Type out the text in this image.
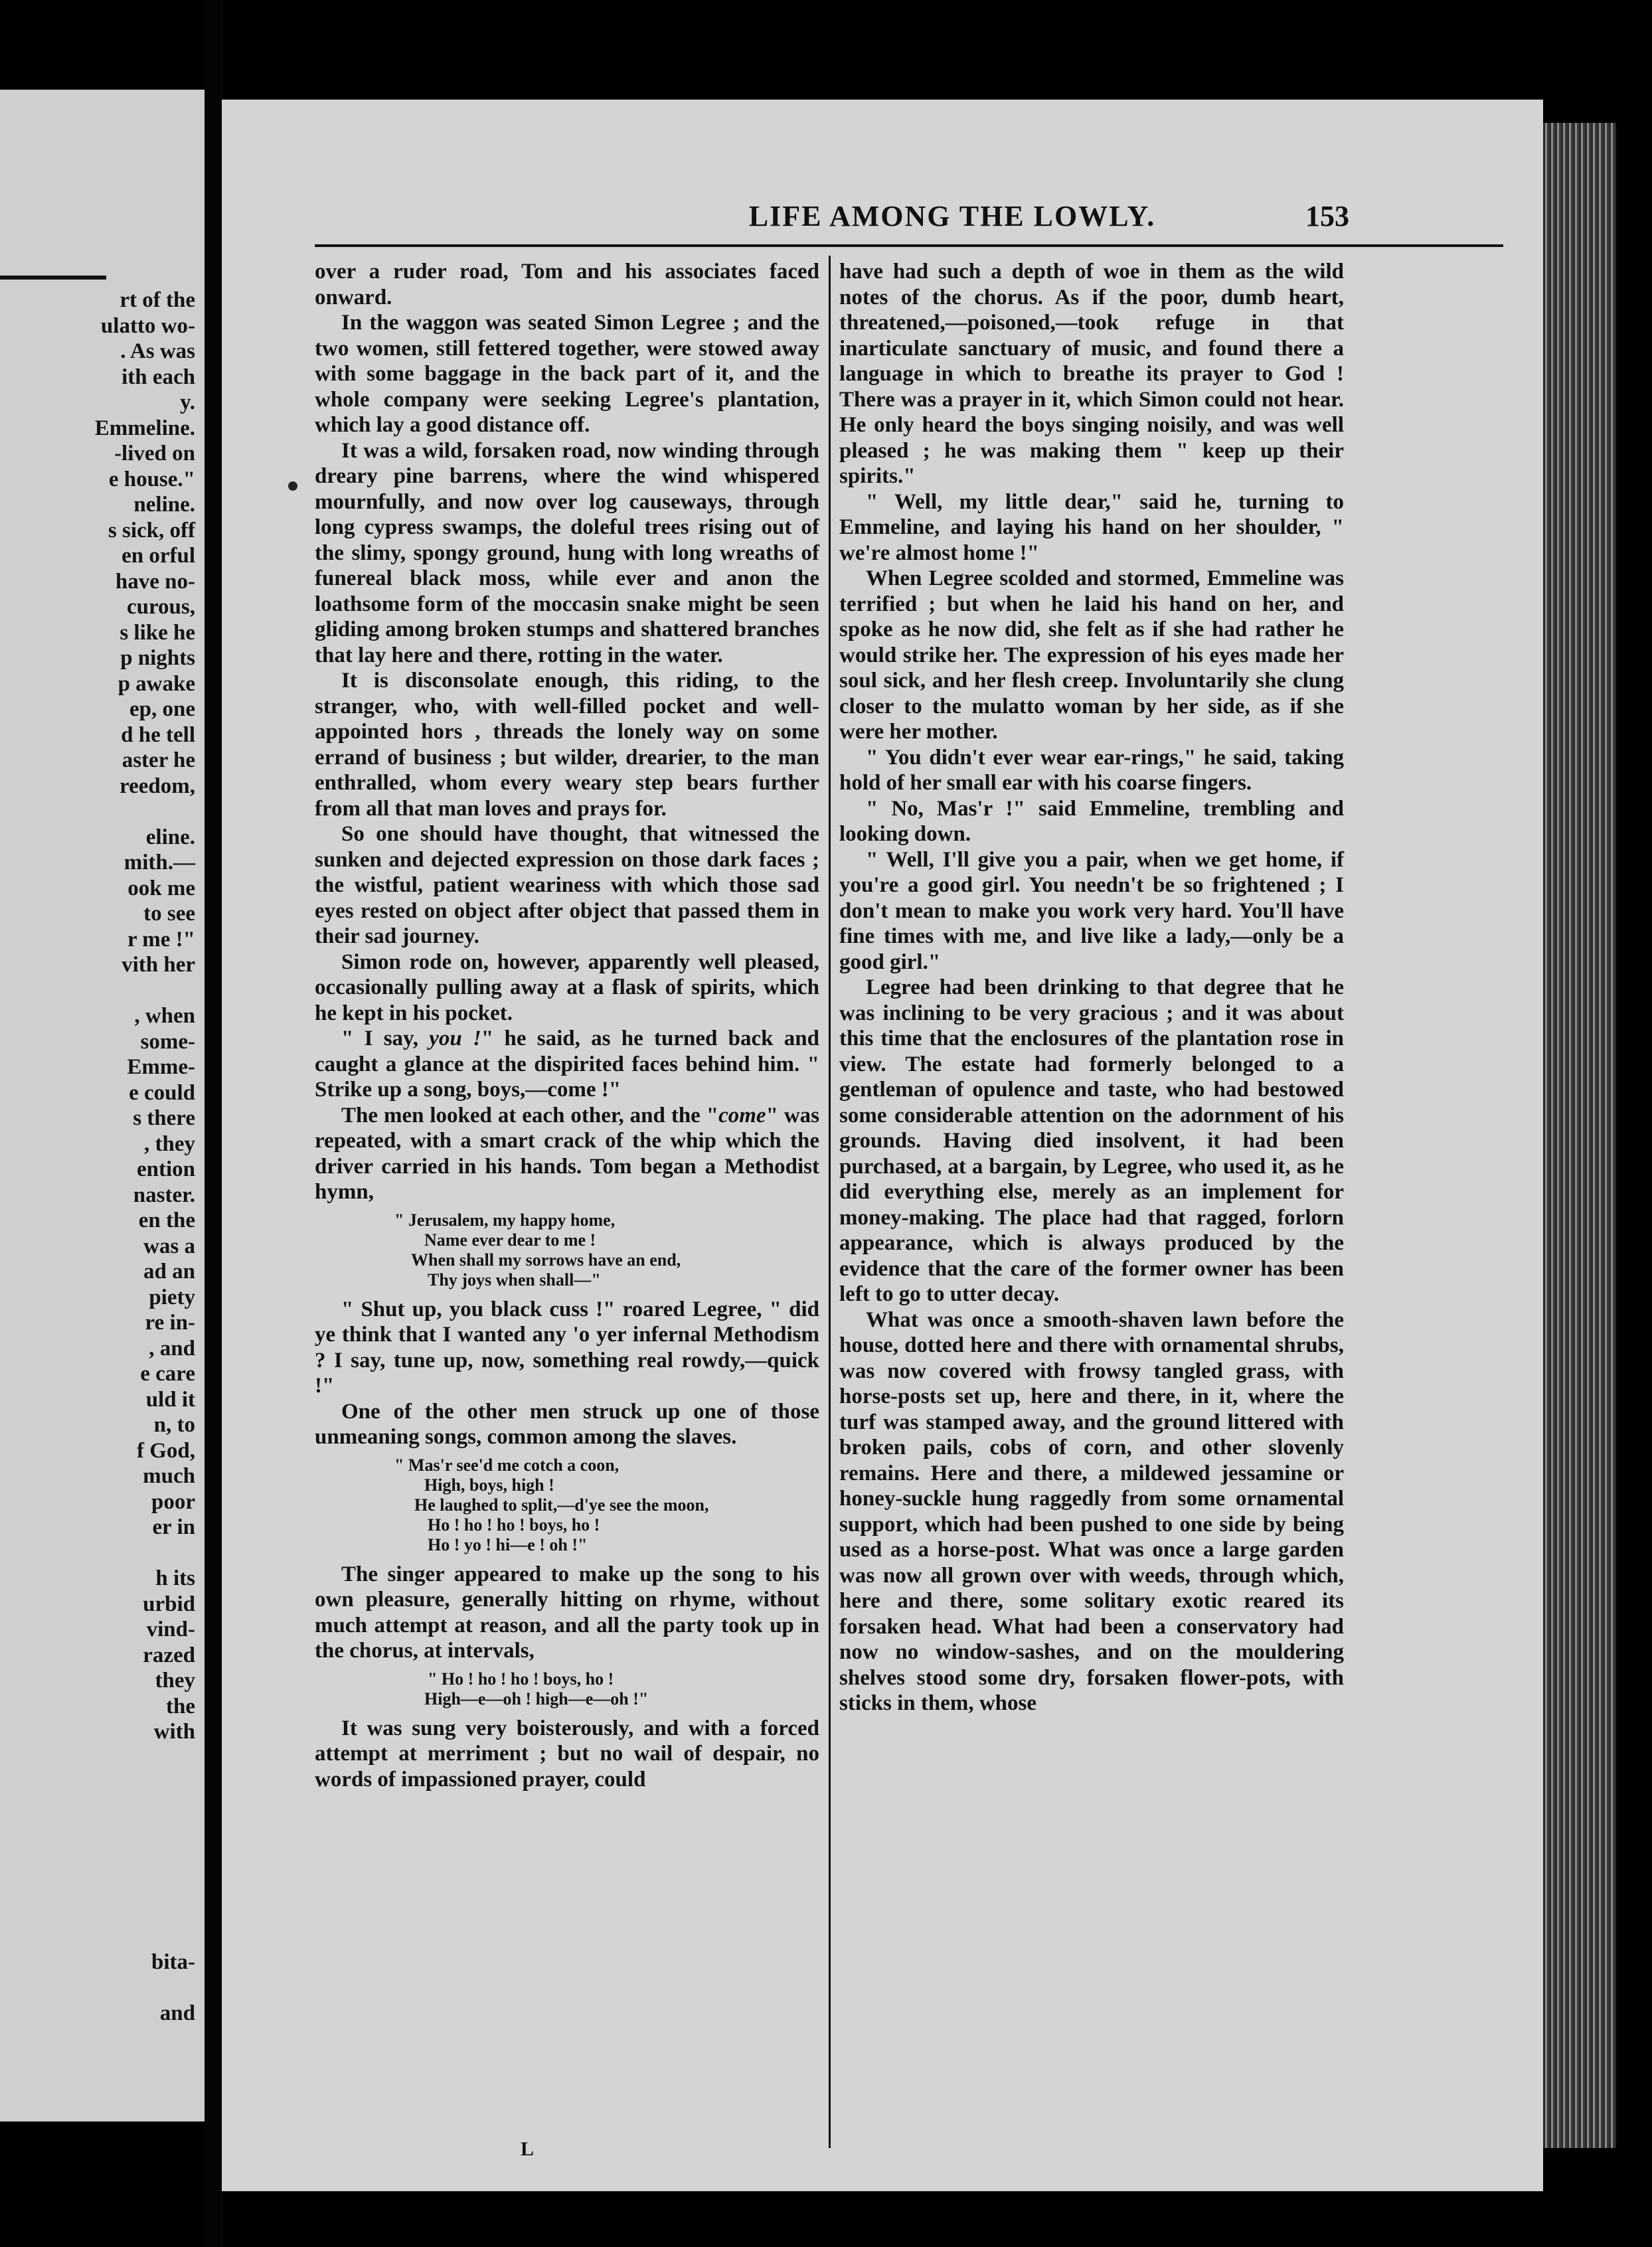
rt of the
ulatto wo-
. As was
ith each
y.
Emmeline.
-lived on
e house."
neline.
s sick, off
en orful
have no-
curous,
s like he
p nights
p awake
ep, one
d he tell
aster he
reedom,

eline.
mith.—
ook me
to see
r me !"
vith her

, when
some-
Emme-
e could
s there
, they
ention
naster.
en the
was a
ad an
piety
re in-
, and
e care
uld it
n, to
f God,
much
poor
er in

h its
urbid
vind-
razed
they
the
with

bita-

and
LIFE AMONG THE LOWLY.	153

over a ruder road, Tom and his associates faced onward.

In the waggon was seated Simon Legree ; and the two women, still fettered together, were stowed away with some baggage in the back part of it, and the whole company were seeking Legree's plantation, which lay a good distance off.

It was a wild, forsaken road, now winding through dreary pine barrens, where the wind whispered mournfully, and now over log causeways, through long cypress swamps, the doleful trees rising out of the slimy, spongy ground, hung with long wreaths of funereal black moss, while ever and anon the loathsome form of the moccasin snake might be seen gliding among broken stumps and shattered branches that lay here and there, rotting in the water.

It is disconsolate enough, this riding, to the stranger, who, with well-filled pocket and well-appointed hors , threads the lonely way on some errand of business ; but wilder, drearier, to the man enthralled, whom every weary step bears further from all that man loves and prays for.

So one should have thought, that witnessed the sunken and dejected expression on those dark faces ; the wistful, patient weariness with which those sad eyes rested on object after object that passed them in their sad journey.

Simon rode on, however, apparently well pleased, occasionally pulling away at a flask of spirits, which he kept in his pocket.

" I say, you !" he said, as he turned back and caught a glance at the dispirited faces behind him. " Strike up a song, boys,—come !"

The men looked at each other, and the "come" was repeated, with a smart crack of the whip which the driver carried in his hands. Tom began a Methodist hymn,

" Jerusalem, my happy home,
Name ever dear to me !
When shall my sorrows have an end,
Thy joys when shall—"

" Shut up, you black cuss !" roared Legree, " did ye think that I wanted any 'o yer infernal Methodism ? I say, tune up, now, something real rowdy,—quick !"

One of the other men struck up one of those unmeaning songs, common among the slaves.

" Mas'r see'd me cotch a coon,
High, boys, high !
He laughed to split,—d'ye see the moon,
Ho ! ho ! ho ! boys, ho !
Ho ! yo ! hi—e ! oh !"

The singer appeared to make up the song to his own pleasure, generally hitting on rhyme, without much attempt at reason, and all the party took up in the chorus, at intervals,

" Ho ! ho ! ho ! boys, ho !
High—e—oh ! high—e—oh !"

It was sung very boisterously, and with a forced attempt at merriment ; but no wail of despair, no words of impassioned prayer, could

have had such a depth of woe in them as the wild notes of the chorus. As if the poor, dumb heart, threatened,—poisoned,—took refuge in that inarticulate sanctuary of music, and found there a language in which to breathe its prayer to God ! There was a prayer in it, which Simon could not hear. He only heard the boys singing noisily, and was well pleased ; he was making them " keep up their spirits."

" Well, my little dear," said he, turning to Emmeline, and laying his hand on her shoulder, " we're almost home !"

When Legree scolded and stormed, Emmeline was terrified ; but when he laid his hand on her, and spoke as he now did, she felt as if she had rather he would strike her. The expression of his eyes made her soul sick, and her flesh creep. Involuntarily she clung closer to the mulatto woman by her side, as if she were her mother.

" You didn't ever wear ear-rings," he said, taking hold of her small ear with his coarse fingers.

" No, Mas'r !" said Emmeline, trembling and looking down.

" Well, I'll give you a pair, when we get home, if you're a good girl. You needn't be so frightened ; I don't mean to make you work very hard. You'll have fine times with me, and live like a lady,—only be a good girl."

Legree had been drinking to that degree that he was inclining to be very gracious ; and it was about this time that the enclosures of the plantation rose in view. The estate had formerly belonged to a gentleman of opulence and taste, who had bestowed some considerable attention on the adornment of his grounds. Having died insolvent, it had been purchased, at a bargain, by Legree, who used it, as he did everything else, merely as an implement for money-making. The place had that ragged, forlorn appearance, which is always produced by the evidence that the care of the former owner has been left to go to utter decay.

What was once a smooth-shaven lawn before the house, dotted here and there with ornamental shrubs, was now covered with frowsy tangled grass, with horse-posts set up, here and there, in it, where the turf was stamped away, and the ground littered with broken pails, cobs of corn, and other slovenly remains. Here and there, a mildewed jessamine or honey-suckle hung raggedly from some ornamental support, which had been pushed to one side by being used as a horse-post. What was once a large garden was now all grown over with weeds, through which, here and there, some solitary exotic reared its forsaken head. What had been a conservatory had now no window-sashes, and on the mouldering shelves stood some dry, forsaken flower-pots, with sticks in them, whose

L
